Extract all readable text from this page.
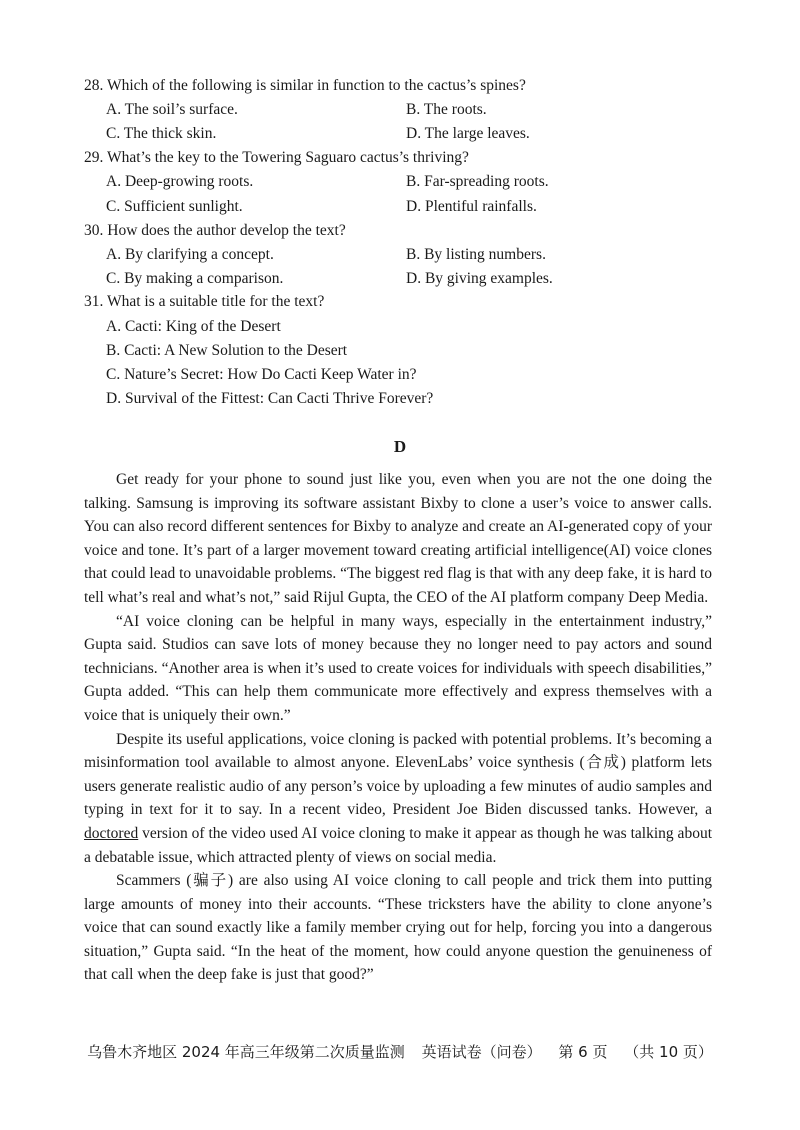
28. Which of the following is similar in function to the cactus’s spines?
A. The soil’s surface.	B. The roots.
C. The thick skin.	D. The large leaves.
29. What’s the key to the Towering Saguaro cactus’s thriving?
A. Deep-growing roots.	B. Far-spreading roots.
C. Sufficient sunlight.	D. Plentiful rainfalls.
30. How does the author develop the text?
A. By clarifying a concept.	B. By listing numbers.
C. By making a comparison.	D. By giving examples.
31. What is a suitable title for the text?
A. Cacti: King of the Desert
B. Cacti: A New Solution to the Desert
C. Nature’s Secret: How Do Cacti Keep Water in?
D. Survival of the Fittest: Can Cacti Thrive Forever?
D

Get ready for your phone to sound just like you, even when you are not the one doing the talking. Samsung is improving its software assistant Bixby to clone a user’s voice to answer calls. You can also record different sentences for Bixby to analyze and create an AI-generated copy of your voice and tone. It’s part of a larger movement toward creating artificial intelligence(AI) voice clones that could lead to unavoidable problems. “The biggest red flag is that with any deep fake, it is hard to tell what’s real and what’s not,” said Rijul Gupta, the CEO of the AI platform company Deep Media.

“AI voice cloning can be helpful in many ways, especially in the entertainment industry,” Gupta said. Studios can save lots of money because they no longer need to pay actors and sound technicians. “Another area is when it’s used to create voices for individuals with speech disabilities,” Gupta added. “This can help them communicate more effectively and express themselves with a voice that is uniquely their own.”

Despite its useful applications, voice cloning is packed with potential problems. It’s becoming a misinformation tool available to almost anyone. ElevenLabs’ voice synthesis (合成) platform lets users generate realistic audio of any person’s voice by uploading a few minutes of audio samples and typing in text for it to say. In a recent video, President Joe Biden discussed tanks. However, a doctored version of the video used AI voice cloning to make it appear as though he was talking about a debatable issue, which attracted plenty of views on social media.

Scammers (骗子) are also using AI voice cloning to call people and trick them into putting large amounts of money into their accounts. “These tricksters have the ability to clone anyone’s voice that can sound exactly like a family member crying out for help, forcing you into a dangerous situation,” Gupta said. “In the heat of the moment, how could anyone question the genuineness of that call when the deep fake is just that good?”

乌鲁木齐地区 2024 年高三年级第二次质量监测 英语试卷（问卷） 第 6 页 （共 10 页）
